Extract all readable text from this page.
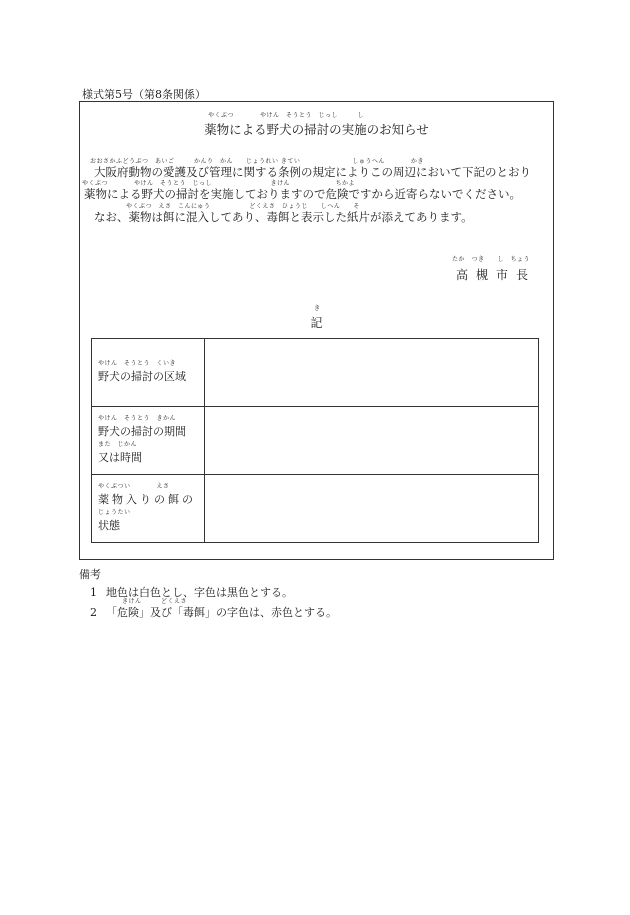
様式第5号（第8条関係）
やくぶつ　　　　やけん　そうとう　じっし　　　し
薬物による野犬の掃討の実施のお知らせ
おおさかふどうぶつ　あいご　　　かんり　かん　　じょうれい きてい　　　　　　　　しゅうへん　　　　かき
大阪府動物の愛護及び管理に関する条例の規定によりこの周辺において下記のとおり
やくぶつ　　　　やけん　そうとう　じっし　　　　　　　　　きけん　　　　　　　ちかよ
薬物による野犬の掃討を実施しておりますので危険ですから近寄らないでください。
やくぶつ　えさ　こんにゅう　　　　　　どくえさ　ひょうじ　　しへん　　そ
なお、薬物は餌に混入してあり、毒餌と表示した紙片が添えてあります。
たか　つき　　し　ちょう
高槻市長
き
記
やけん　そうとう　くいき
野犬の掃討の区域	

やけん　そうとう　きかん
野犬の掃討の期間
また　じかん
又は時間	

やくぶつい　　　　えさ
薬物入りの餌の
じょうたい
状態	

備考
1 地色は白色とし、字色は黒色とする。
きけん　　　どくえさ
2 「危険」及び「毒餌」の字色は、赤色とする。
